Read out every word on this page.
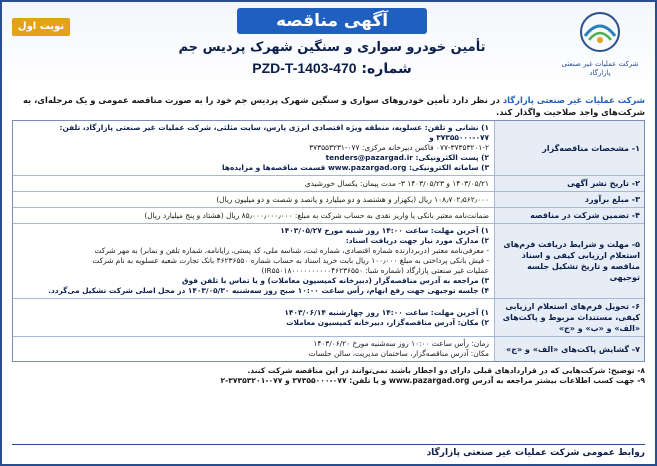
شرکت عملیات غیر صنعتی پازارگاد
آگهی مناقصه
تأمین خودرو سواری و سنگین شهرک پردیس جم
شماره: PZD-T-1403-470
نوبت اول
شرکت عملیات غیر صنعتی پازارگاد در نظر دارد تأمین خودروهای سواری و سنگین شهرک پردیس جم خود را به صورت مناقصه عمومی و یک مرحله‌ای، به شرکت‌های واجد صلاحیت واگذار کند.
۱- مشخصات مناقصه‌گزار
۱) نشانی و تلفن: عسلویه، منطقه ویژه اقتصادی انرژی پارس، سایت مثلثی، شرکت عملیات غیر صنعتی پازارگاد، تلفن: ۰۷۷-۳۷۳۵۵۰۰۰ و
۰۷۷-۳۷۳۵۳۲۰۱-۲ فاکس دبیرخانه مرکزی: ۰۷۷-۳۷۳۵۵۳۲۳۱
۲) پست الکترونیکی: tenders@pazargad.ir
۳) سامانه الکترونیکی: www.pazargad.org قسمت مناقصه‌ها و مزایده‌ها
۲- تاریخ نشر آگهی
۱۴۰۳/۰۵/۲۱ و ۱۴۰۳/۰۵/۲۳ ۳- مدت پیمان: یکسال خورشیدی
۳- مبلغ برآورد
۱۰۸٫۷۰۲٫۵۶۲٫۰۰۰ ریال (یکهزار و هشتصد و دو میلیارد و پانصد و شصت و دو میلیون ریال)
۴- تضمین شرکت در مناقصه
ضمانت‌نامه معتبر بانکی یا واریز نقدی به حساب شرکت به مبلغ: ۸۵٫۰۰۰٫۰۰۰٫۰۰۰ ریال (هشتاد و پنج میلیارد ریال)
۵- مهلت و شرایط دریافت فرم‌های استعلام ارزیابی کیفی و اسناد مناقصه و تاریخ تشکیل جلسه توجیهی
۱) آخرین مهلت: ساعت ۱۴:۰۰ روز شنبه مورخ ۱۴۰۳/۰۵/۲۷
۲) مدارک مورد نیاز جهت دریافت اسناد:
- معرفی‌نامه معتبر (دربردارنده شماره اقتصادی، شماره ثبت، شناسه ملی، کد پستی، رایانامه، شماره تلفن و نمابر) به مهر شرکت
- فیش بانکی پرداختی به مبلغ ۱۰۰٫۰۰۰ ریال بابت خرید اسناد به حساب شماره ۴۶۲۳۶۵۵۰ بانک تجارت شعبه عسلویه به نام شرکت
عملیات غیر صنعتی پازارگاد (شماره شبا: IR۵۵۰۱۸۰۰۰۰۰۰۰۰۰۰۴۶۲۳۶۵۵۰)
۳) مراجعه به آدرس مناقصه‌گزار (دبیرخانه کمیسیون معاملات) و یا تماس با تلفن فوق
۴) جلسه توجیهی جهت رفع ابهام، رأس ساعت ۱۰:۰۰ صبح روز سه‌شنبه ۱۴۰۳/۰۵/۳۰ در محل اصلی شرکت تشکیل می‌گردد.
۶- تحویل فرم‌های استعلام ارزیابی کیفی، مستندات مربوط و پاکت‌های «الف» و «ب» و «ج»
۱) آخرین مهلت: ساعت ۱۴:۰۰ روز چهارشنبه ۱۴۰۳/۰۶/۱۴
۲) مکان: آدرس مناقصه‌گزار، دبیرخانه کمیسیون معاملات
۷- گشایش پاکت‌های «الف» و «ج»
زمان: رأس ساعت ۱۰:۰۰ روز سه‌شنبه مورخ ۱۴۰۳/۰۶/۲۰
مکان: آدرس مناقصه‌گزار، ساختمان مدیریت، سالن جلسات
۸- توضیح: شرکت‌هایی که در قراردادهای قبلی دارای دو اخطار باشند نمی‌توانند در این مناقصه شرکت کنند.
۹- جهت کسب اطلاعات بیشتر مراجعه به آدرس www.pazargad.org و یا تلفن: ۰۷۷-۳۷۳۵۵۰۰۰ و ۰۷۷-۳۷۳۵۳۲۰۱-۲
روابط عمومی شرکت عملیات غیر صنعتی پازارگاد
